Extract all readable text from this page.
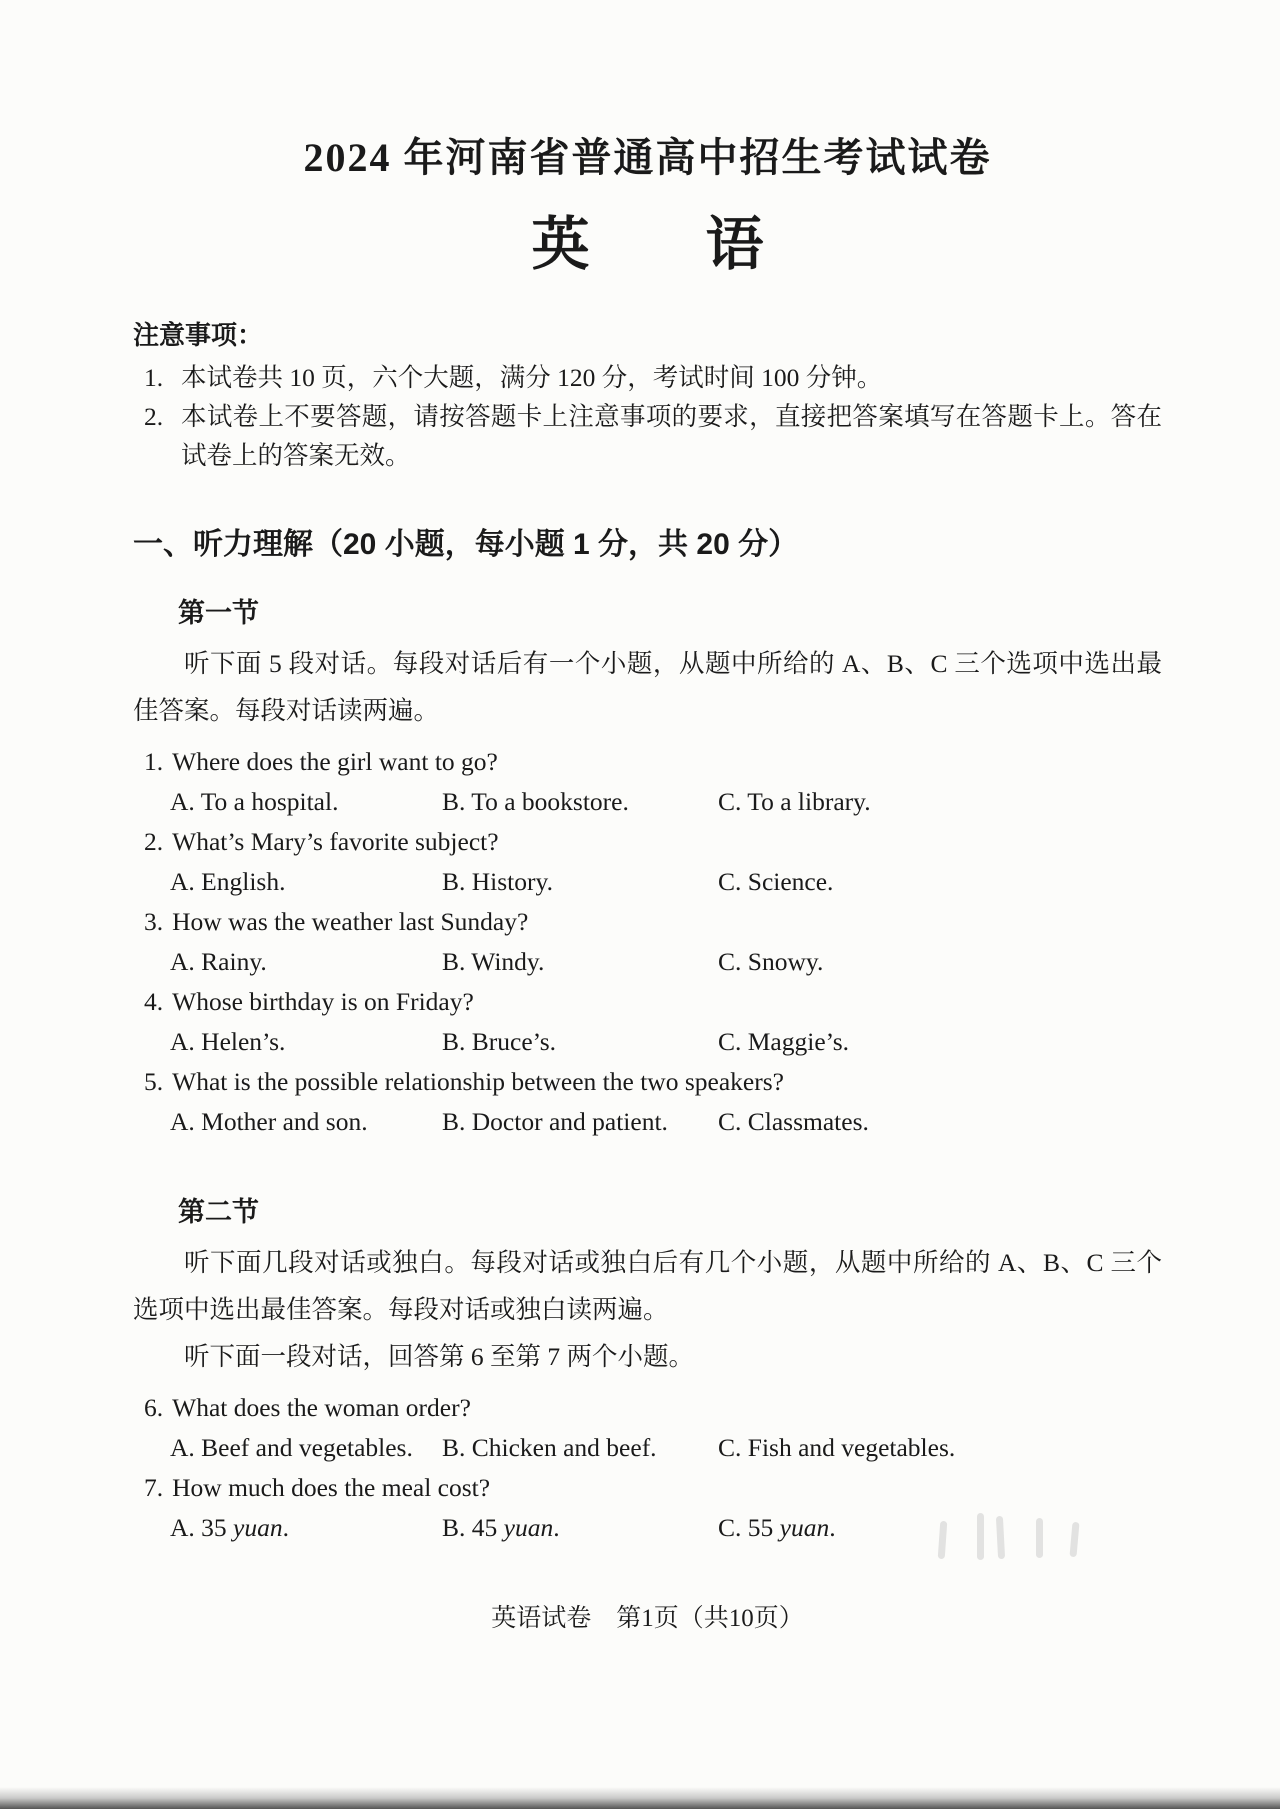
2024 年河南省普通高中招生考试试卷
英　　语
注意事项：
1. 本试卷共 10 页，六个大题，满分 120 分，考试时间 100 分钟。
2. 本试卷上不要答题，请按答题卡上注意事项的要求，直接把答案填写在答题卡上。答在试卷上的答案无效。
一、听力理解（20 小题，每小题 1 分，共 20 分）
第一节

听下面 5 段对话。每段对话后有一个小题，从题中所给的 A、B、C 三个选项中选出最佳答案。每段对话读两遍。

1. Where does the girl want to go?
A. To a hospital.	B. To a bookstore.	C. To a library.
2. What’s Mary’s favorite subject?
A. English.	B. History.	C. Science.
3. How was the weather last Sunday?
A. Rainy.	B. Windy.	C. Snowy.
4. Whose birthday is on Friday?
A. Helen’s.	B. Bruce’s.	C. Maggie’s.
5. What is the possible relationship between the two speakers?
A. Mother and son.	B. Doctor and patient.	C. Classmates.
第二节

听下面几段对话或独白。每段对话或独白后有几个小题，从题中所给的 A、B、C 三个选项中选出最佳答案。每段对话或独白读两遍。

听下面一段对话，回答第 6 至第 7 两个小题。

6. What does the woman order?
A. Beef and vegetables.	B. Chicken and beef.	C. Fish and vegetables.
7. How much does the meal cost?
A. 35 yuan.	B. 45 yuan.	C. 55 yuan.
英语试卷　第1页（共10页）
